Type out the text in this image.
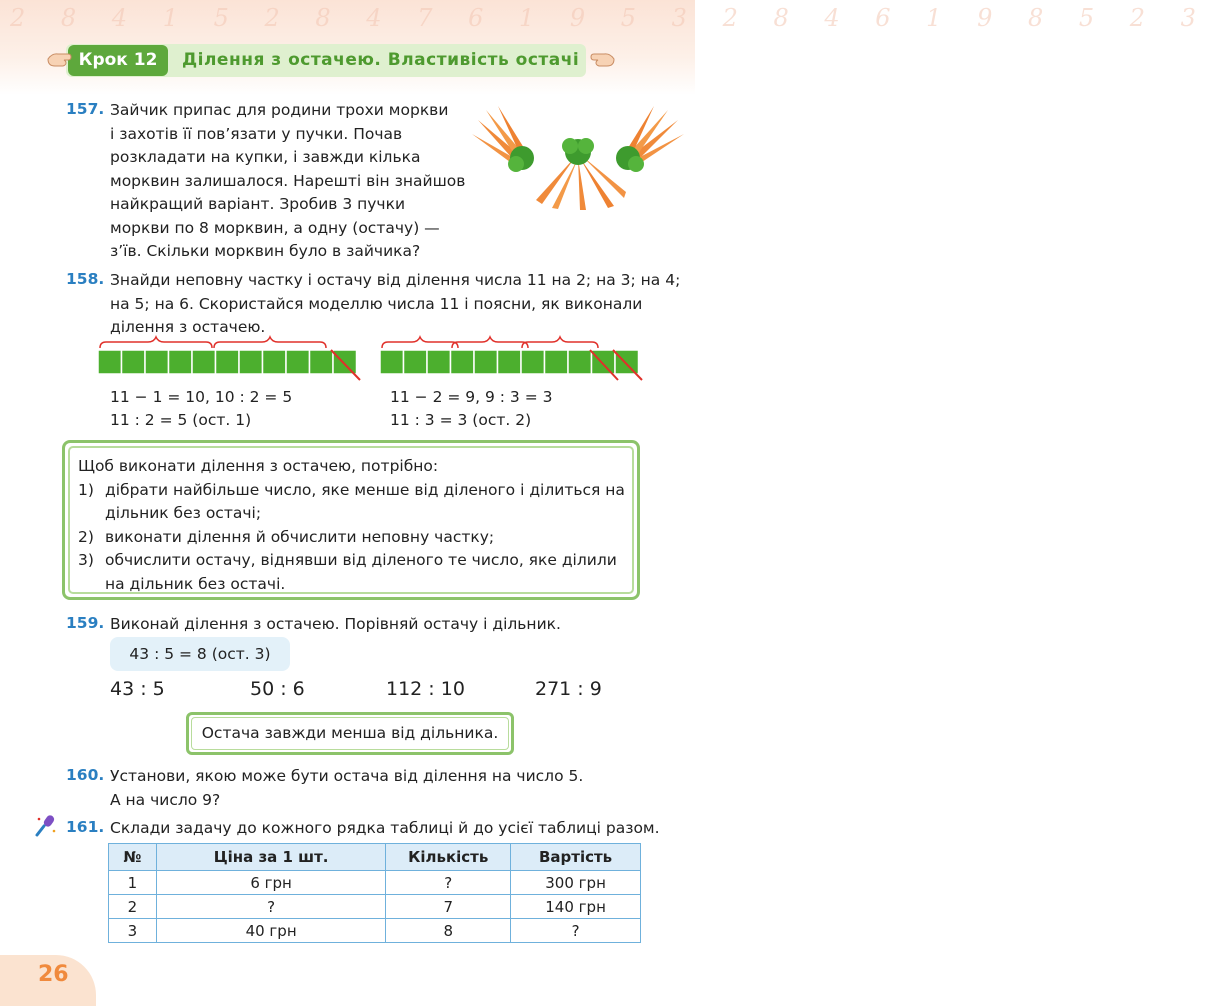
2 8 4 1 5 2 8 4 7 6 1 9 5 3 2 8 4 6 1 9 8 5 2 3
Крок 12	Ділення з остачею. Властивість остачі
157. Зайчик припас для родини трохи моркви
і захотів її пов’язати у пучки. Почав
розкладати на купки, і завжди кілька
морквин залишалося. Нарешті він знайшов
найкращий варіант. Зробив 3 пучки
моркви по 8 морквин, а одну (остачу) —
з’їв. Скільки морквин було в зайчика?
158. Знайди неповну частку і остачу від ділення числа 11 на 2; на 3; на 4;
на 5; на 6. Скористайся моделлю числа 11 і поясни, як виконали
ділення з остачею.
11 − 1 = 10, 10 : 2 = 5
11 : 2 = 5 (ост. 1)
11 − 2 = 9, 9 : 3 = 3
11 : 3 = 3 (ост. 2)
Щоб виконати ділення з остачею, потрібно:
1) дібрати найбільше число, яке менше від діленого і ділиться на
дільник без остачі;
2) виконати ділення й обчислити неповну частку;
3) обчислити остачу, віднявши від діленого те число, яке ділили
на дільник без остачі.
159. Виконай ділення з остачею. Порівняй остачу і дільник.
43 : 5 = 8 (ост. 3)
43 : 5	50 : 6	112 : 10	271 : 9
Остача завжди менша від дільника.
160. Установи, якою може бути остача від ділення на число 5.
А на число 9?
161. Склади задачу до кожного рядка таблиці й до усієї таблиці разом.
№	Ціна за 1 шт.	Кількість	Вартість
1	6 грн	?	300 грн
2	?	7	140 грн
3	40 грн	8	?
26
